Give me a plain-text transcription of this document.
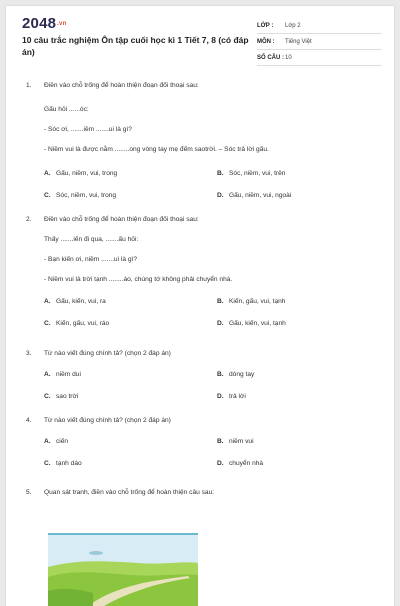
2048.vn
10 câu trắc nghiệm Ôn tập cuối học kì 1 Tiết 7, 8 (có đáp án)
LỚP :	Lớp 2
MÔN :	Tiếng Việt
SỐ CÂU : 10
1. Điền vào chỗ trống để hoàn thiện đoạn đối thoại sau:
Gấu hỏi ......óc:
- Sóc ơi, .......iềm .......ui là gì?
- Niềm vui là được nằm ........ong vòng tay mẹ đếm saotrời. – Sóc trả lời gấu.
A. Gấu, niềm, vui, trong	B. Sóc, niềm, vui, trên
C. Sóc, niềm, vui, trong	D. Gấu, niềm, vui, ngoài
2. Điền vào chỗ trống để hoàn thiện đoạn đối thoại sau:
Thấy .......iến đi qua, .......ấu hỏi:
- Bạn kiến ơi, niềm .......ui là gì?
- Niềm vui là trời tạnh ........áo, chúng tớ không phải chuyển nhà.
A. Gấu, kiến, vui, ra	B. Kiến, gấu, vui, tạnh
C. Kiến, gấu, vui, ráo	D. Gấu, kiến, vui, tạnh
3. Từ nào viết đúng chính tả? (chọn 2 đáp án)
A. niềm dui	B. dòng tay
C. sao trời	D. trả lời
4. Từ nào viết đúng chính tả? (chọn 2 đáp án)
A. ciến	B. niềm vui
C. tạnh dáo	D. chuyển nhà
5. Quan sát tranh, điền vào chỗ trống để hoàn thiện câu sau:
